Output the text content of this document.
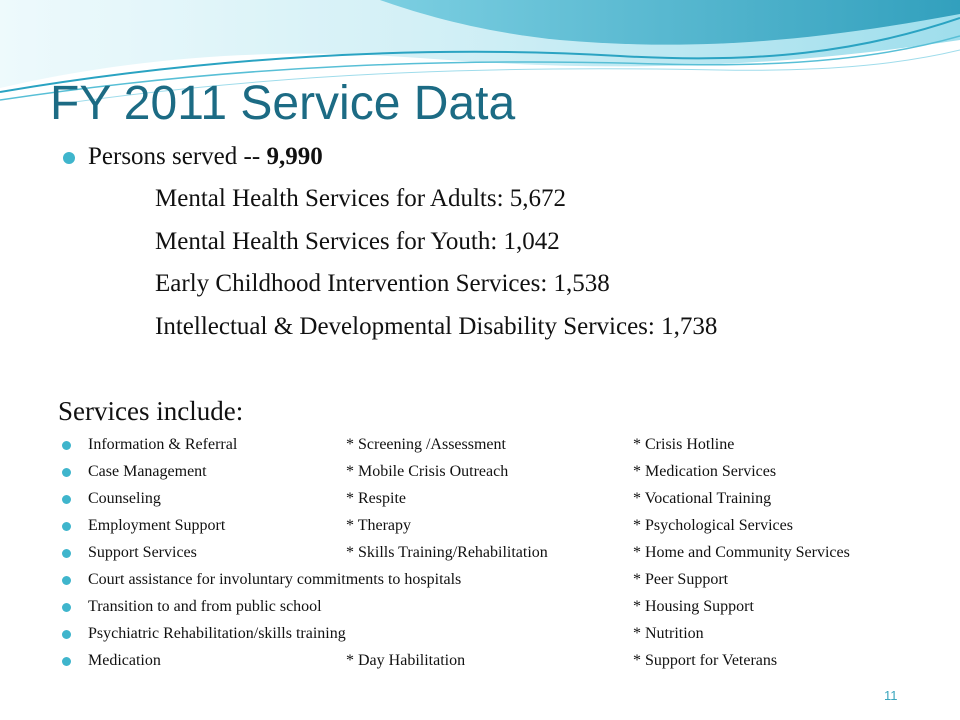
FY 2011 Service Data
Persons served -- 9,990
Mental Health Services for Adults: 5,672
Mental Health Services for Youth: 1,042
Early Childhood Intervention Services: 1,538
Intellectual & Developmental Disability Services: 1,738
Services include:
Information & Referral	* Screening /Assessment	* Crisis Hotline
Case Management	* Mobile Crisis Outreach	* Medication Services
Counseling	* Respite	* Vocational Training
Employment Support	* Therapy	* Psychological Services
Support Services	* Skills Training/Rehabilitation	* Home and Community Services
Court assistance for involuntary commitments to hospitals	* Peer Support
Transition to and from public school	* Housing Support
Psychiatric Rehabilitation/skills training	* Nutrition
Medication	* Day Habilitation	* Support for Veterans
11
